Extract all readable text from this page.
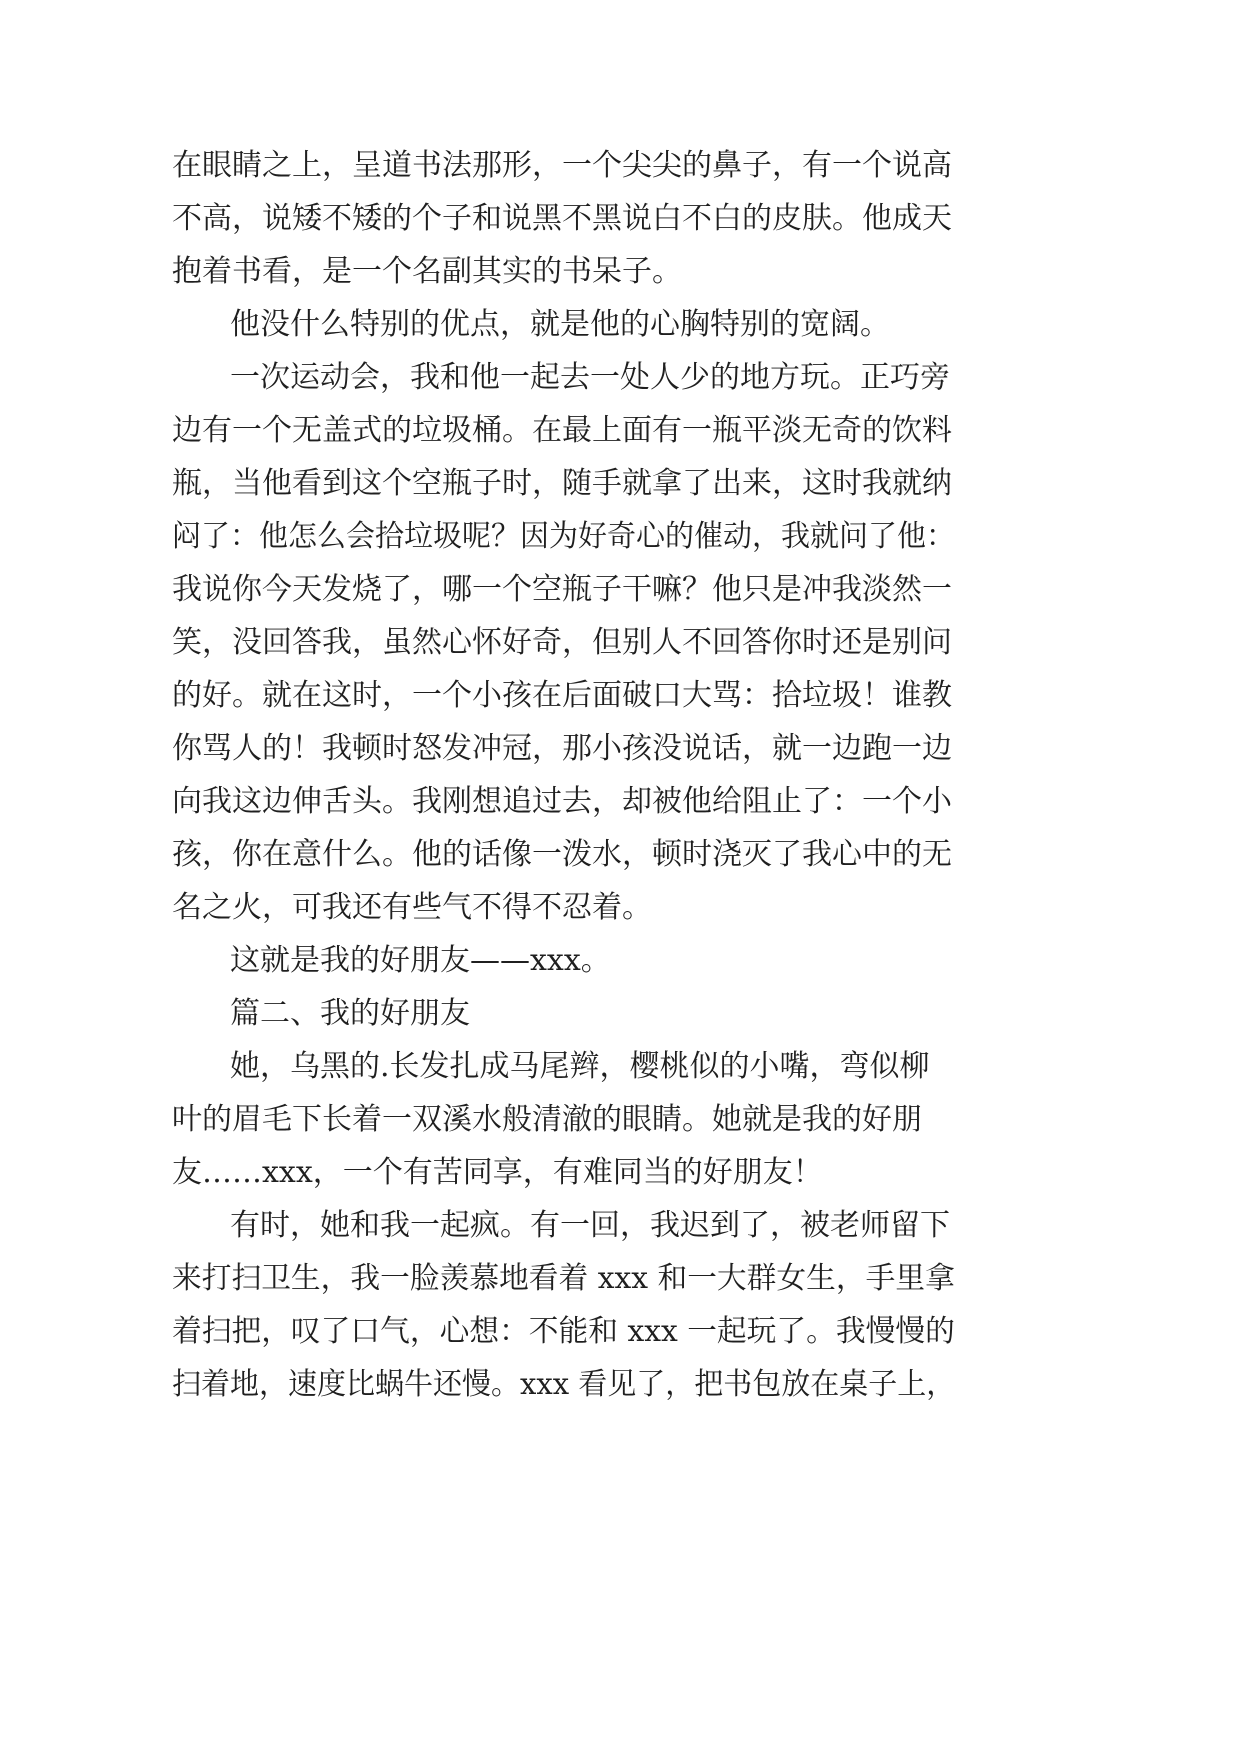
在眼睛之上，呈道书法那形，一个尖尖的鼻子，有一个说高

不高，说矮不矮的个子和说黑不黑说白不白的皮肤。他成天

抱着书看，是一个名副其实的书呆子。

他没什么特别的优点，就是他的心胸特别的宽阔。

一次运动会，我和他一起去一处人少的地方玩。正巧旁

边有一个无盖式的垃圾桶。在最上面有一瓶平淡无奇的饮料

瓶，当他看到这个空瓶子时，随手就拿了出来，这时我就纳

闷了：他怎么会拾垃圾呢？因为好奇心的催动，我就问了他：

我说你今天发烧了，哪一个空瓶子干嘛？他只是冲我淡然一

笑，没回答我，虽然心怀好奇，但别人不回答你时还是别问

的好。就在这时，一个小孩在后面破口大骂：拾垃圾！谁教

你骂人的！我顿时怒发冲冠，那小孩没说话，就一边跑一边

向我这边伸舌头。我刚想追过去，却被他给阻止了：一个小

孩，你在意什么。他的话像一泼水，顿时浇灭了我心中的无

名之火，可我还有些气不得不忍着。

这就是我的好朋友——xxx。

篇二、我的好朋友

她，乌黑的.长发扎成马尾辫，樱桃似的小嘴，弯似柳

叶的眉毛下长着一双溪水般清澈的眼睛。她就是我的好朋

友……xxx，一个有苦同享，有难同当的好朋友！

有时，她和我一起疯。有一回，我迟到了，被老师留下

来打扫卫生，我一脸羡慕地看着 xxx 和一大群女生，手里拿

着扫把，叹了口气，心想：不能和 xxx 一起玩了。我慢慢的

扫着地，速度比蜗牛还慢。xxx 看见了，把书包放在桌子上，
